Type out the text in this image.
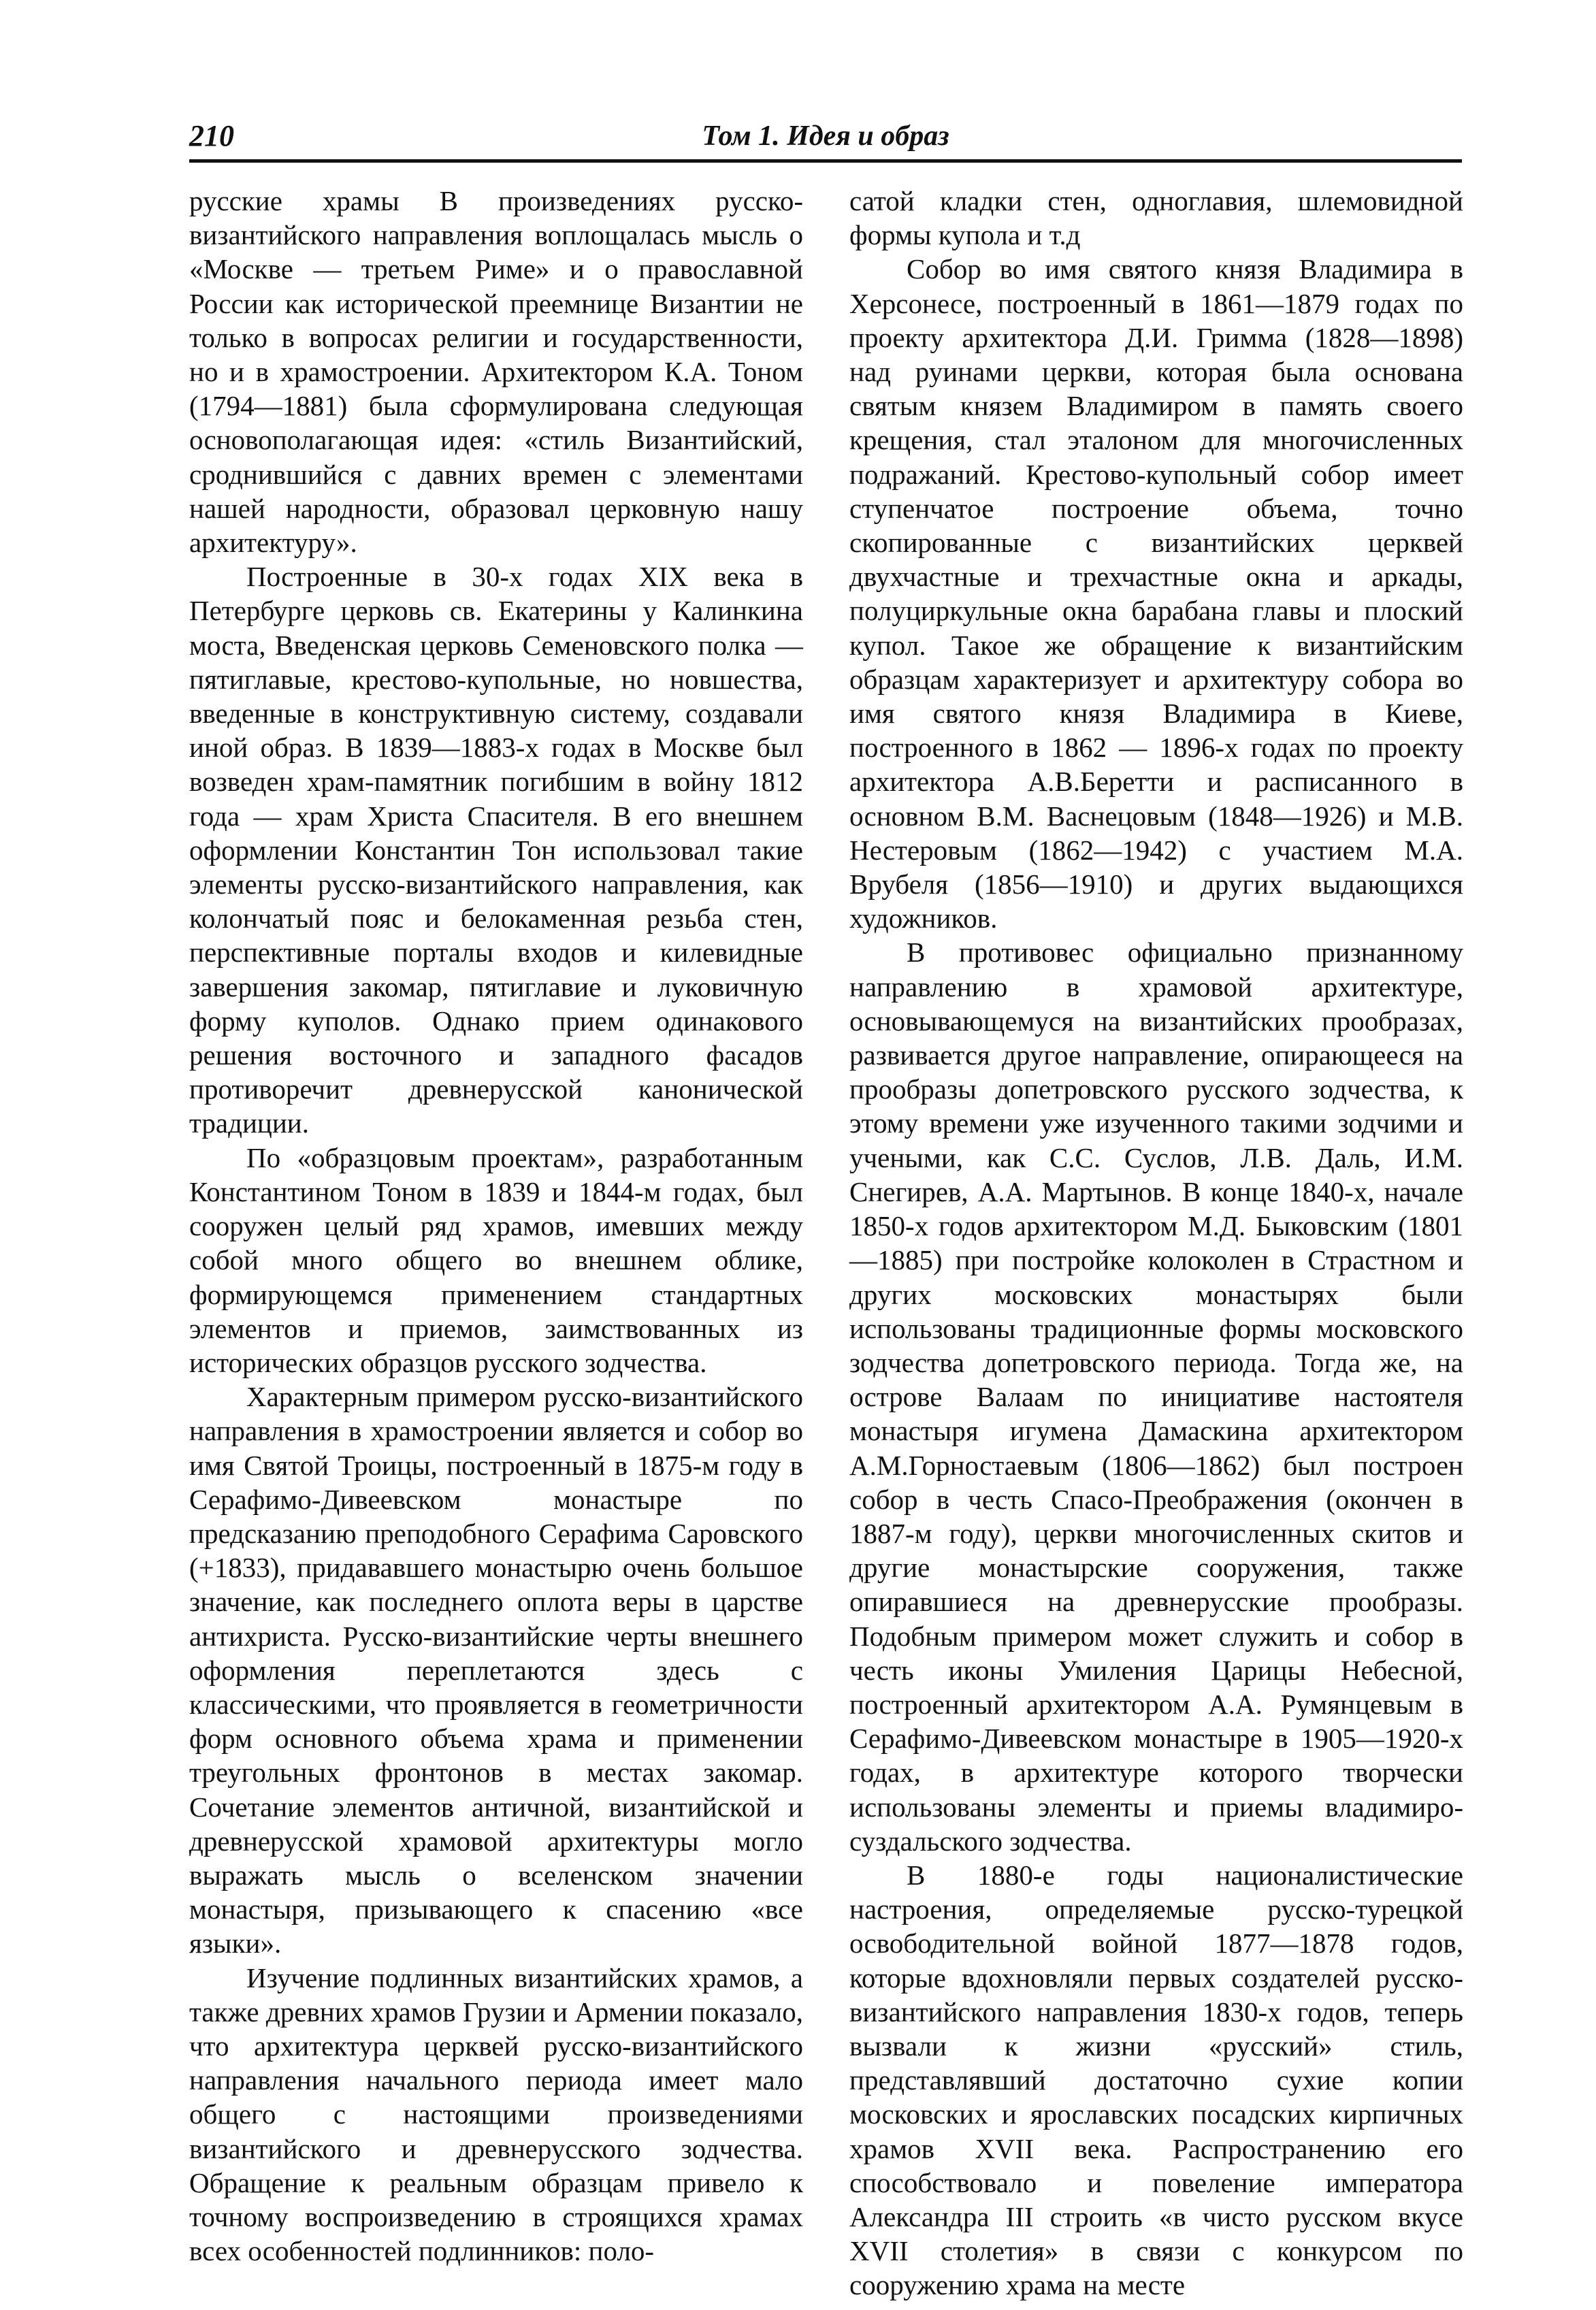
210	Том 1. Идея и образ

русские храмы В произведениях русско-византийского направления воплощалась мысль о «Москве — третьем Риме» и о православной России как исторической преемнице Византии не только в вопросах религии и государственности, но и в храмостроении. Архитектором К.А. Тоном (1794—1881) была сформулирована следующая основополагающая идея: «стиль Византийский, сроднившийся с давних времен с элементами нашей народности, образовал церковную нашу архитектуру».

Построенные в 30-х годах XIX века в Петербурге церковь св. Екатерины у Калинкина моста, Введенская церковь Семеновского полка — пятиглавые, крестово-купольные, но новшества, введенные в конструктивную систему, создавали иной образ. В 1839—1883-х годах в Москве был возведен храм-памятник погибшим в войну 1812 года — храм Христа Спасителя. В его внешнем оформлении Константин Тон использовал такие элементы русско-византийского направления, как колончатый пояс и белокаменная резьба стен, перспективные порталы входов и килевидные завершения закомар, пятиглавие и луковичную форму куполов. Однако прием одинакового решения восточного и западного фасадов противоречит древнерусской канонической традиции.

По «образцовым проектам», разработанным Константином Тоном в 1839 и 1844-м годах, был сооружен целый ряд храмов, имевших между собой много общего во внешнем облике, формирующемся применением стандартных элементов и приемов, заимствованных из исторических образцов русского зодчества.

Характерным примером русско-византийского направления в храмостроении является и собор во имя Святой Троицы, построенный в 1875-м году в Серафимо-Дивеевском монастыре по предсказанию преподобного Серафима Саровского (+1833), придававшего монастырю очень большое значение, как последнего оплота веры в царстве антихриста. Русско-византийские черты внешнего оформления переплетаются здесь с классическими, что проявляется в геометричности форм основного объема храма и применении треугольных фронтонов в местах закомар. Сочетание элементов античной, византийской и древнерусской храмовой архитектуры могло выражать мысль о вселенском значении монастыря, призывающего к спасению «все языки».

Изучение подлинных византийских храмов, а также древних храмов Грузии и Армении показало, что архитектура церквей русско-византийского направления начального периода имеет мало общего с настоящими произведениями византийского и древнерусского зодчества. Обращение к реальным образцам привело к точному воспроизведению в строящихся храмах всех особенностей подлинников: поло-

сатой кладки стен, одноглавия, шлемовидной формы купола и т.д

Собор во имя святого князя Владимира в Херсонесе, построенный в 1861—1879 годах по проекту архитектора Д.И. Гримма (1828—1898) над руинами церкви, которая была основана святым князем Владимиром в память своего крещения, стал эталоном для многочисленных подражаний. Крестово-купольный собор имеет ступенчатое построение объема, точно скопированные с византийских церквей двухчастные и трехчастные окна и аркады, полуциркульные окна барабана главы и плоский купол. Такое же обращение к византийским образцам характеризует и архитектуру собора во имя святого князя Владимира в Киеве, построенного в 1862 — 1896-х годах по проекту архитектора А.В.Беретти и расписанного в основном В.М. Васнецовым (1848—1926) и М.В. Нестеровым (1862—1942) с участием М.А. Врубеля (1856—1910) и других выдающихся художников.

В противовес официально признанному направлению в храмовой архитектуре, основывающемуся на византийских прообразах, развивается другое направление, опирающееся на прообразы допетровского русского зодчества, к этому времени уже изученного такими зодчими и учеными, как С.С. Суслов, Л.В. Даль, И.М. Снегирев, А.А. Мартынов. В конце 1840-х, начале 1850-х годов архитектором М.Д. Быковским (1801—1885) при постройке колоколен в Страстном и других московских монастырях были использованы традиционные формы московского зодчества допетровского периода. Тогда же, на острове Валаам по инициативе настоятеля монастыря игумена Дамаскина архитектором А.М.Горностаевым (1806—1862) был построен собор в честь Спасо-Преображения (окончен в 1887-м году), церкви многочисленных скитов и другие монастырские сооружения, также опиравшиеся на древнерусские прообразы. Подобным примером может служить и собор в честь иконы Умиления Царицы Небесной, построенный архитектором А.А. Румянцевым в Серафимо-Дивеевском монастыре в 1905—1920-х годах, в архитектуре которого творчески использованы элементы и приемы владимиро-суздальского зодчества.

В 1880-е годы националистические настроения, определяемые русско-турецкой освободительной войной 1877—1878 годов, которые вдохновляли первых создателей русско-византийского направления 1830-х годов, теперь вызвали к жизни «русский» стиль, представлявший достаточно сухие копии московских и ярославских посадских кирпичных храмов XVII века. Распространению его способствовало и повеление императора Александра III строить «в чисто русском вкусе XVII столетия» в связи с конкурсом по сооружению храма на месте
